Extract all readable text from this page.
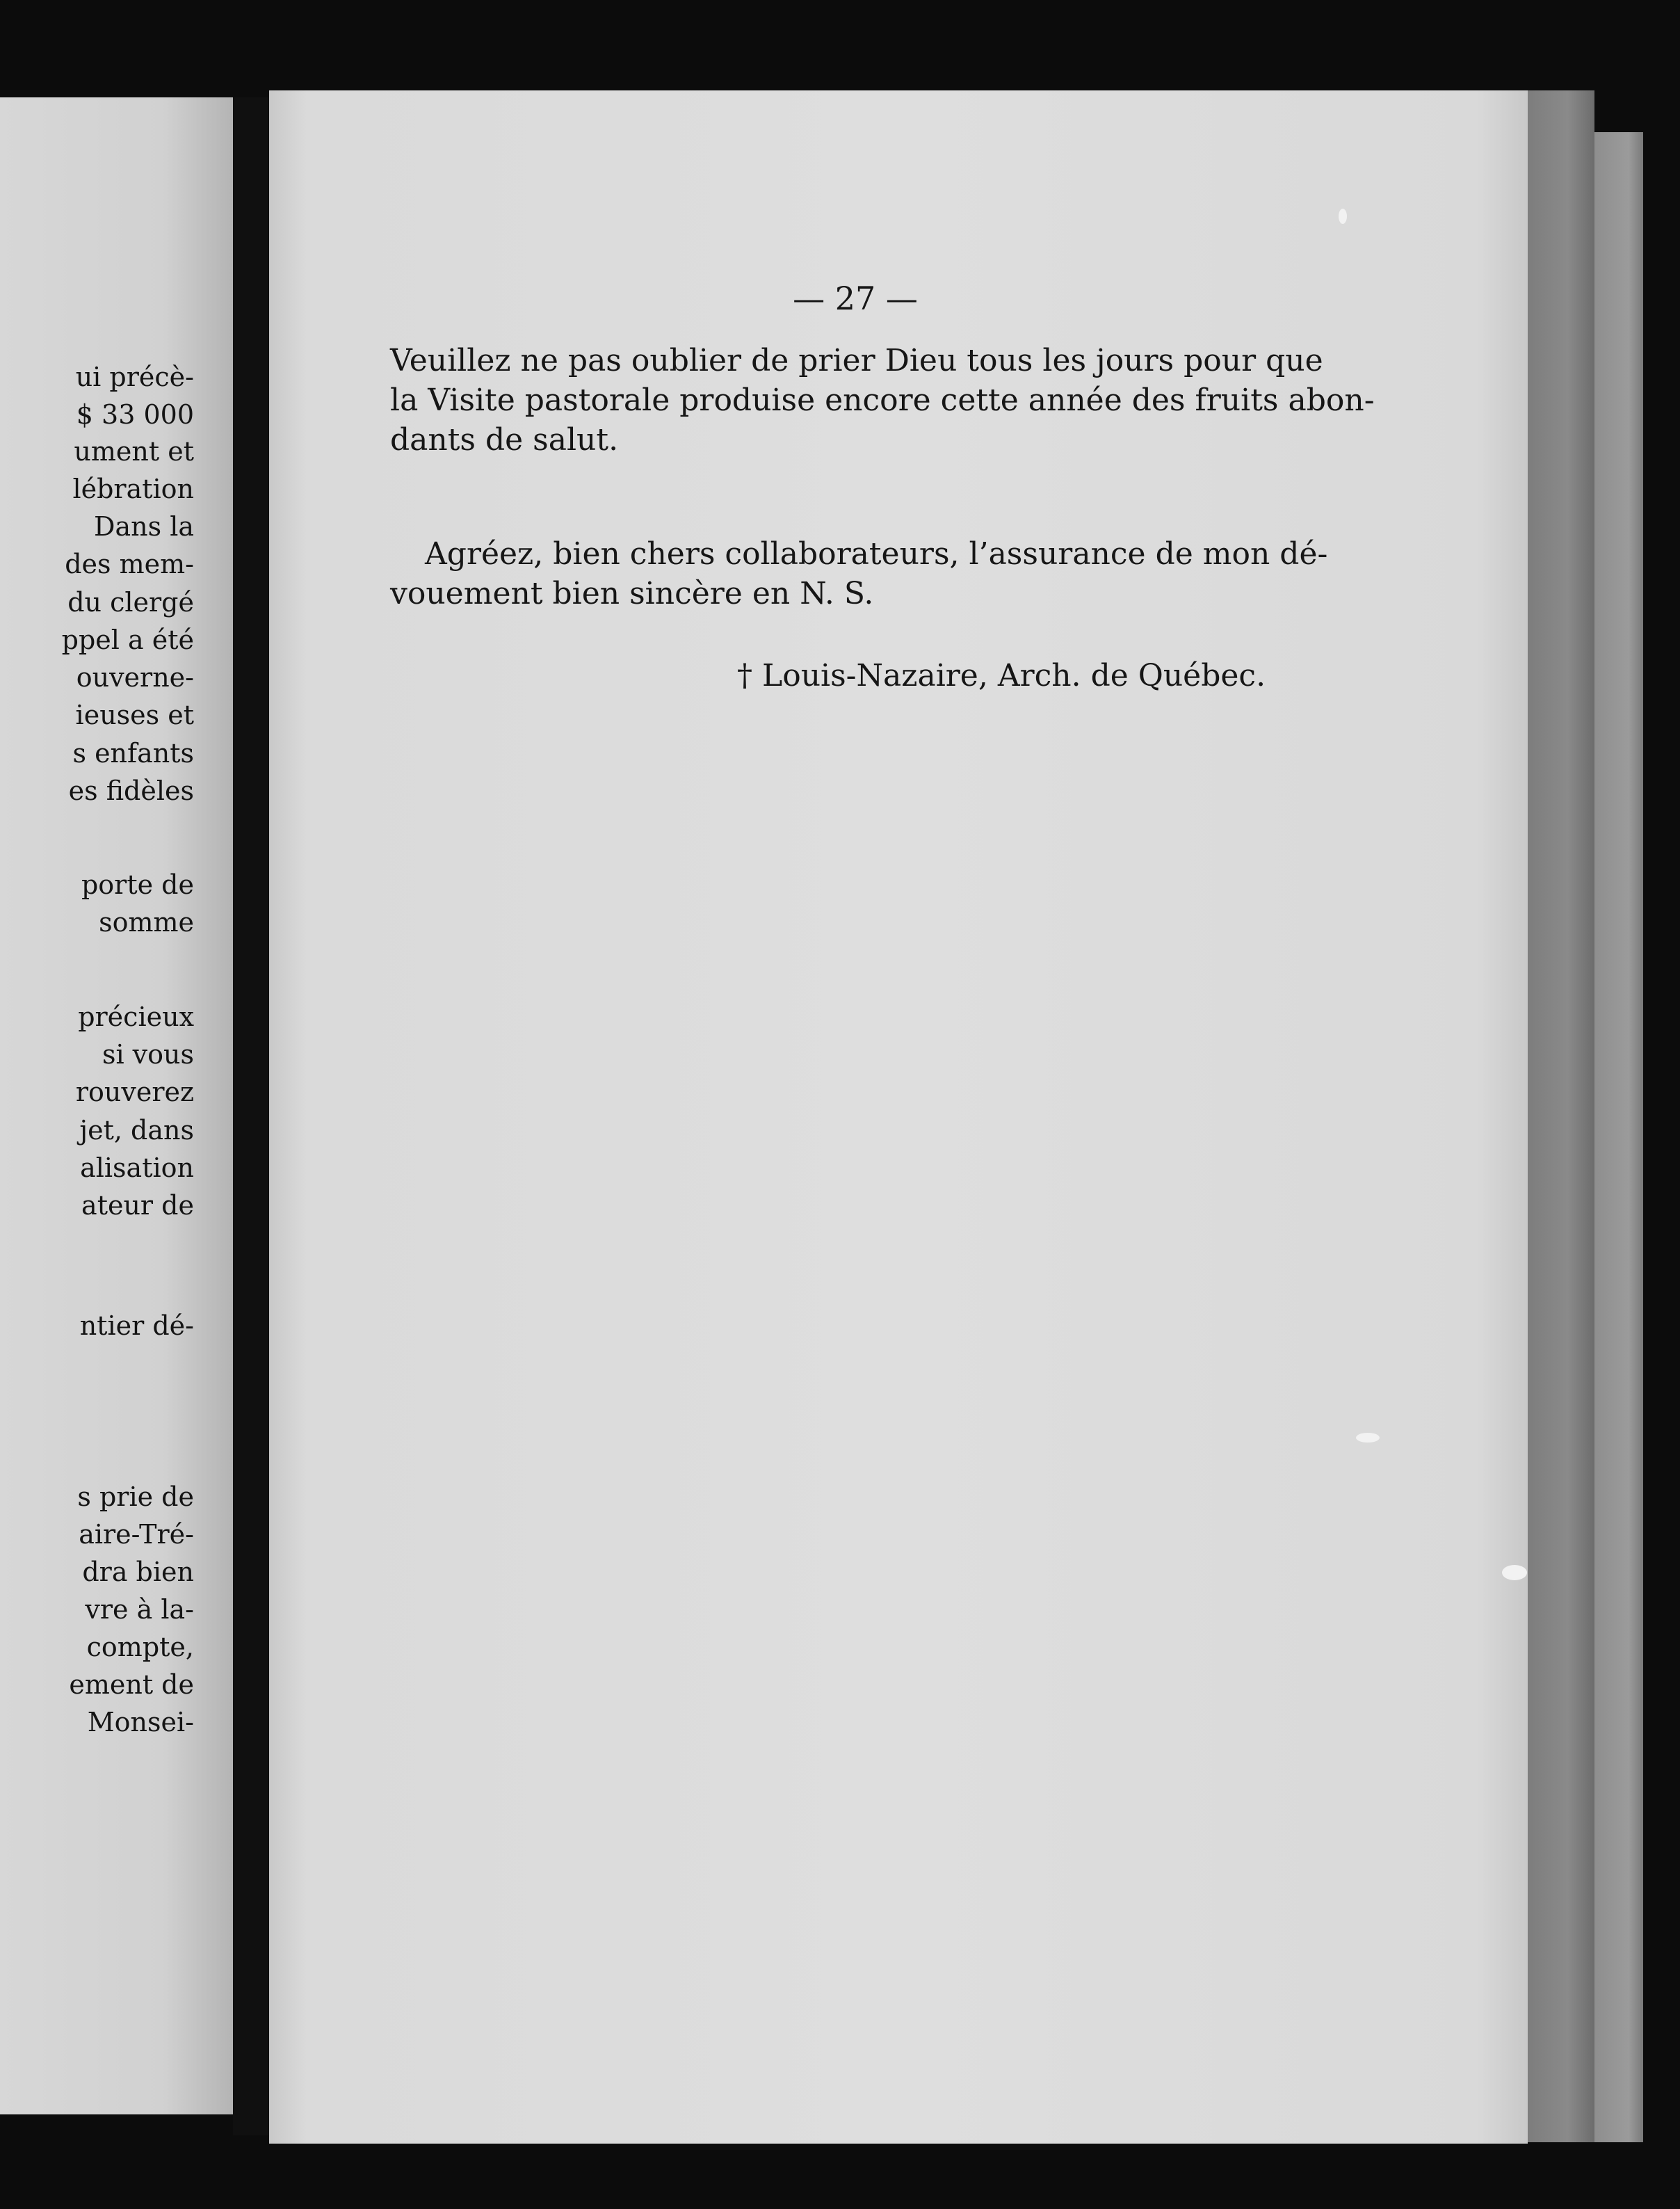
ui précè-
$ 33 000
ument et
lébration
Dans la
des mem-
du clergé
ppel a été
ouverne-
ieuses et
s enfants
es fidèles
porte de
somme
précieux
si vous
rouverez
jet, dans
alisation
ateur de
ntier dé-
s prie de
aire-Tré-
dra bien
vre à la-
compte,
ement de
Monsei-
— 27 —
Veuillez ne pas oublier de prier Dieu tous les jours pour que
la Visite pastorale produise encore cette année des fruits abon-
dants de salut.
Agréez, bien chers collaborateurs, l’assurance de mon dé-
vouement bien sincère en N. S.
† Louis-Nazaire, Arch. de Québec.
